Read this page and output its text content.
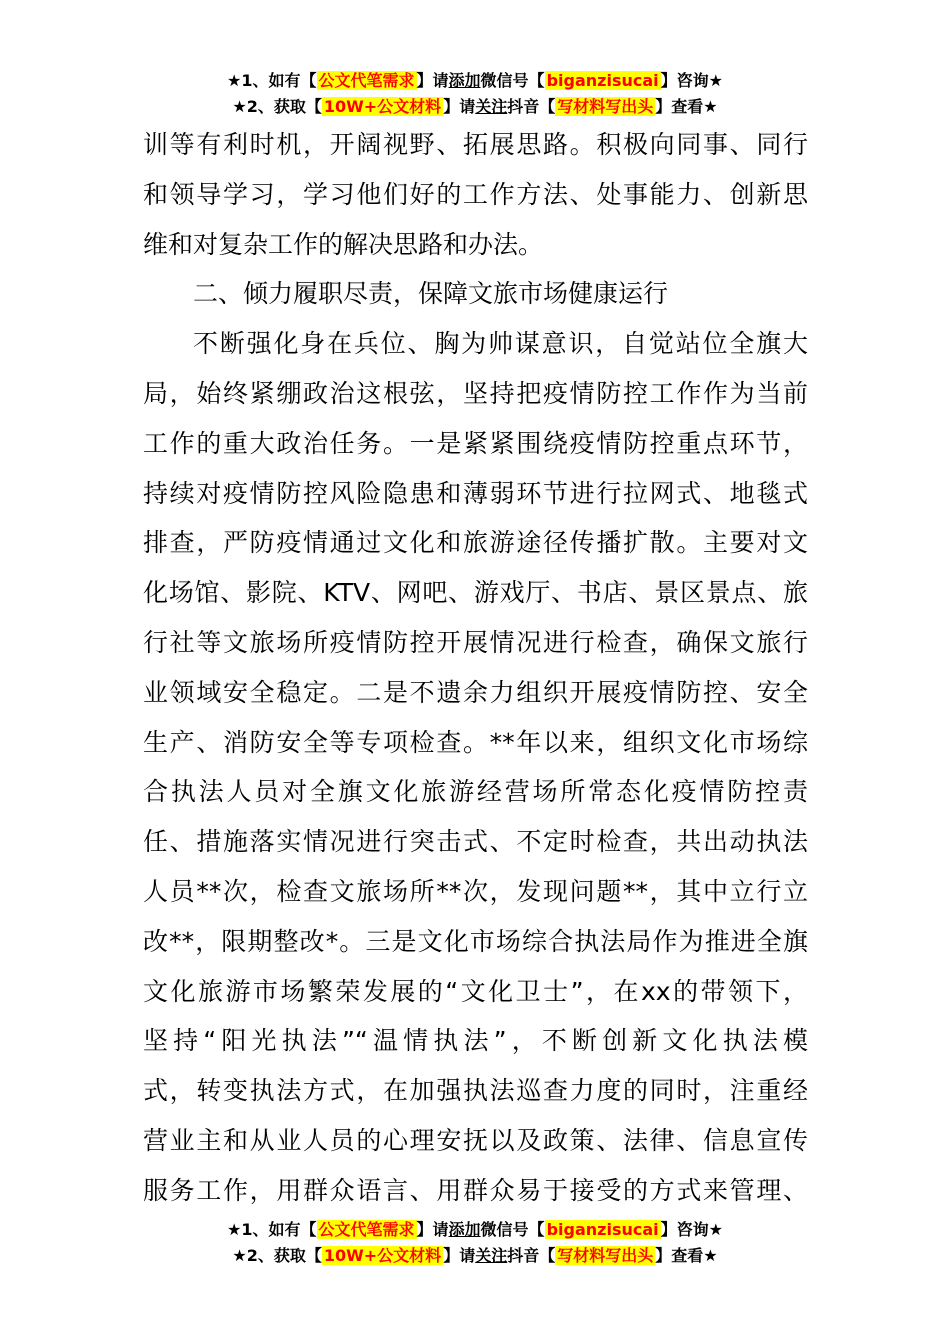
★1、如有【 公文代笔需求 】请添加微信号【 biganzisucai 】咨询★
★2、获取【 10W+公文材料 】请关注抖音【 写材料写出头 】查看★
训等有利时机，开阔视野、拓展思路。积极向同事、同行
和领导学习，学习他们好的工作方法、处事能力、创新思
维和对复杂工作的解决思路和办法。
二、倾力履职尽责，保障文旅市场健康运行
不断强化身在兵位、胸为帅谋意识，自觉站位全旗大
局，始终紧绷政治这根弦，坚持把疫情防控工作作为当前
工作的重大政治任务。一是紧紧围绕疫情防控重点环节，
持续对疫情防控风险隐患和薄弱环节进行拉网式、地毯式
排查，严防疫情通过文化和旅游途径传播扩散。主要对文
化场馆、影院、KTV、网吧、游戏厅、书店、景区景点、旅
行社等文旅场所疫情防控开展情况进行检查，确保文旅行
业领域安全稳定。二是不遗余力组织开展疫情防控、安全
生产、消防安全等专项检查。**年以来，组织文化市场综
合执法人员对全旗文化旅游经营场所常态化疫情防控责
任、措施落实情况进行突击式、不定时检查，共出动执法
人员**次，检查文旅场所**次，发现问题**，其中立行立
改**，限期整改*。三是文化市场综合执法局作为推进全旗
文化旅游市场繁荣发展的“文化卫士”，在xx的带领下，
坚持“阳光执法”“温情执法”，不断创新文化执法模
式，转变执法方式，在加强执法巡查力度的同时，注重经
营业主和从业人员的心理安抚以及政策、法律、信息宣传
服务工作，用群众语言、用群众易于接受的方式来管理、
★1、如有【 公文代笔需求 】请添加微信号【 biganzisucai 】咨询★
★2、获取【 10W+公文材料 】请关注抖音【 写材料写出头 】查看★
